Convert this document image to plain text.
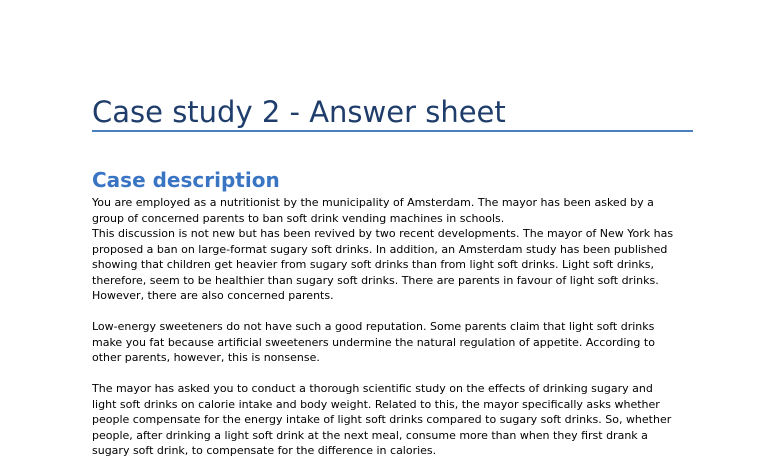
Case study 2 - Answer sheet
Case description

You are employed as a nutritionist by the municipality of Amsterdam. The mayor has been asked by a
group of concerned parents to ban soft drink vending machines in schools.
This discussion is not new but has been revived by two recent developments. The mayor of New York has
proposed a ban on large-format sugary soft drinks. In addition, an Amsterdam study has been published
showing that children get heavier from sugary soft drinks than from light soft drinks. Light soft drinks,
therefore, seem to be healthier than sugary soft drinks. There are parents in favour of light soft drinks.
However, there are also concerned parents.

Low-energy sweeteners do not have such a good reputation. Some parents claim that light soft drinks
make you fat because artificial sweeteners undermine the natural regulation of appetite. According to
other parents, however, this is nonsense.

The mayor has asked you to conduct a thorough scientific study on the effects of drinking sugary and
light soft drinks on calorie intake and body weight. Related to this, the mayor specifically asks whether
people compensate for the energy intake of light soft drinks compared to sugary soft drinks. So, whether
people, after drinking a light soft drink at the next meal, consume more than when they first drank a
sugary soft drink, to compensate for the difference in calories.
